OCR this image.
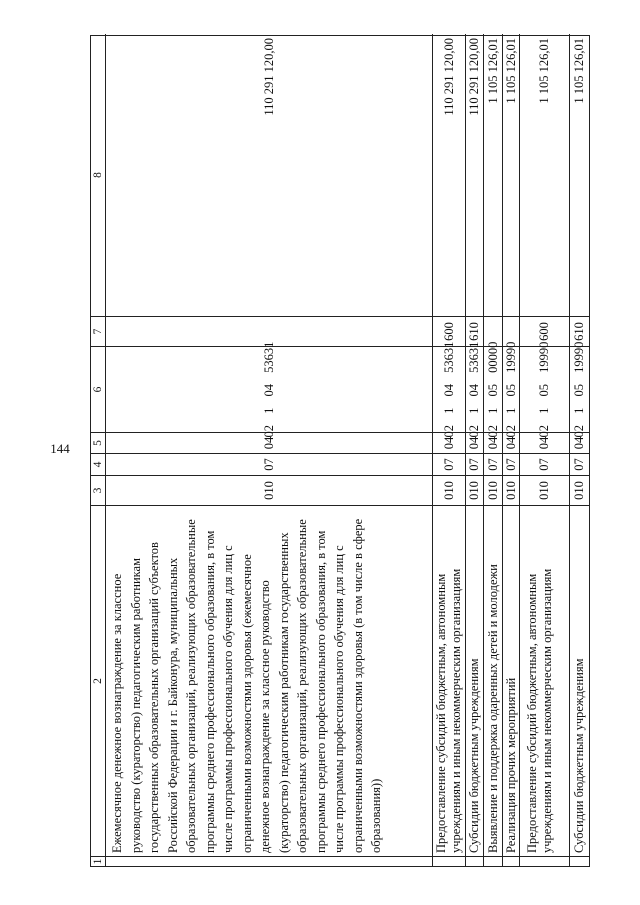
144
1
2
3
4
5
6
7
8
Ежемесячное денежное вознаграждение за классное руководство (кураторство) педагогическим работникам государственных образовательных организаций субъектов Российской Федерации и г. Байконура, муниципальных образовательных организаций, реализующих образовательные программы среднего профессионального образования, в том числе программы профессионального обучения для лиц с ограниченными возможностями здоровья (ежемесячное денежное вознаграждение за классное руководство (кураторство) педагогическим работникам государственных образовательных организаций, реализующих образовательные программы среднего профессионального образования, в том числе программы профессионального обучения для лиц с ограниченными возможностями здоровья (в том числе в сфере образования))
010
07
04
02 1 04 53631
110 291 120,00
Предоставление субсидий бюджетным, автономным учреждениям и иным некоммерческим организациям
010
07
04
02 1 04 53631
600
110 291 120,00
Субсидии бюджетным учреждениям
010
07
04
02 1 04 53631
610
110 291 120,00
Выявление и поддержка одаренных детей и молодежи
010
07
04
02 1 05 00000
1 105 126,01
Реализация прочих мероприятий
010
07
04
02 1 05 19990
1 105 126,01
Предоставление субсидий бюджетным, автономным учреждениям и иным некоммерческим организациям
010
07
04
02 1 05 19990
600
1 105 126,01
Субсидии бюджетным учреждениям
010
07
04
02 1 05 19990
610
1 105 126,01
